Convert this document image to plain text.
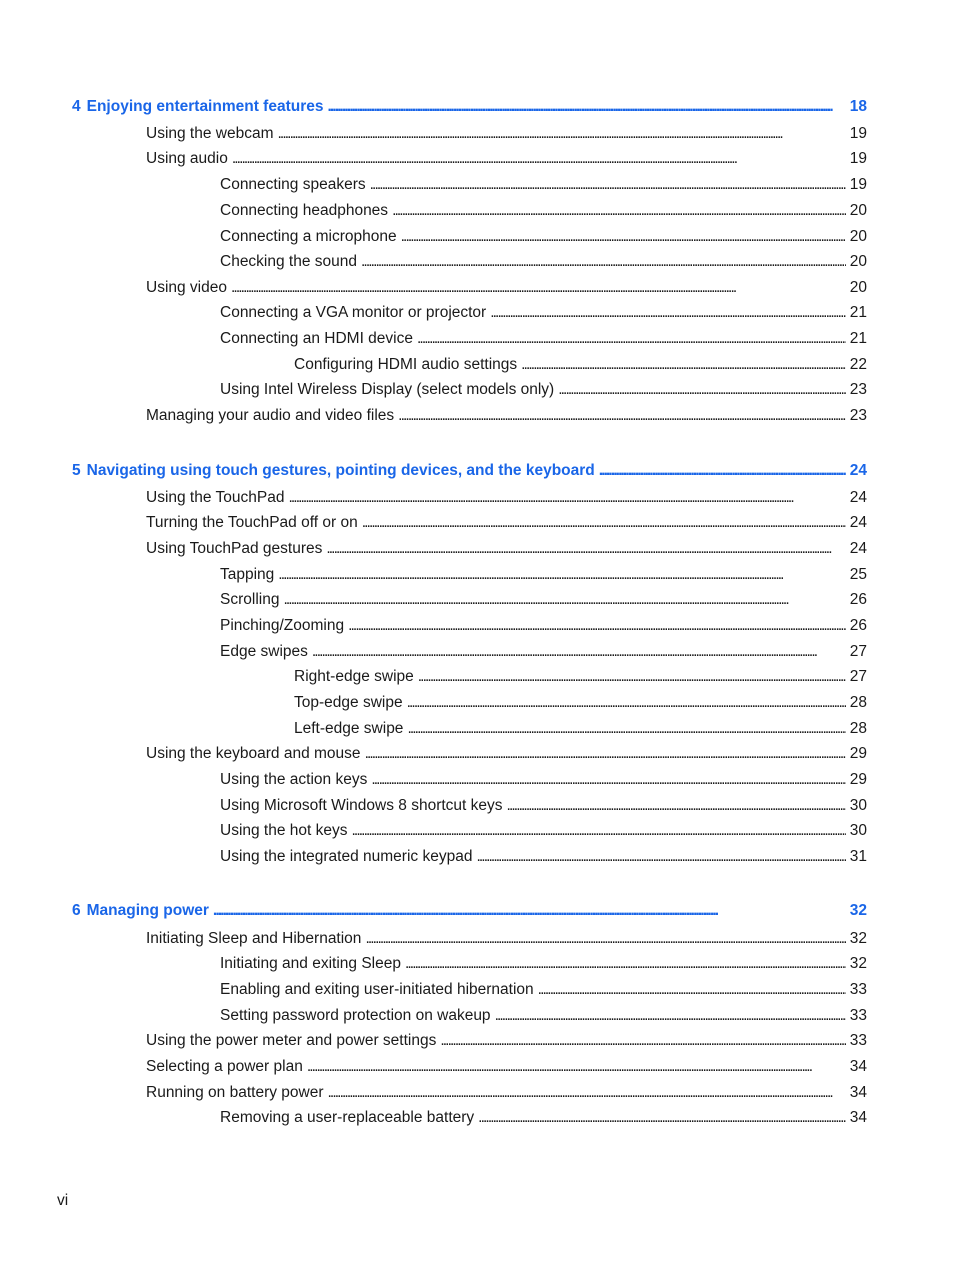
4 Enjoying entertainment features . . .	18
Using the webcam . . .	19
Using audio . . .	19
Connecting speakers . . .	19
Connecting headphones . . .	20
Connecting a microphone . . .	20
Checking the sound . . .	20
Using video . . .	20
Connecting a VGA monitor or projector . . .	21
Connecting an HDMI device . . .	21
Configuring HDMI audio settings . . .	22
Using Intel Wireless Display (select models only) . . .	23
Managing your audio and video files . . .	23
5 Navigating using touch gestures, pointing devices, and the keyboard . . .	24
Using the TouchPad . . .	24
Turning the TouchPad off or on . . .	24
Using TouchPad gestures . . .	24
Tapping . . .	25
Scrolling . . .	26
Pinching/Zooming . . .	26
Edge swipes . . .	27
Right-edge swipe . . .	27
Top-edge swipe . . .	28
Left-edge swipe . . .	28
Using the keyboard and mouse . . .	29
Using the action keys . . .	29
Using Microsoft Windows 8 shortcut keys . . .	30
Using the hot keys . . .	30
Using the integrated numeric keypad . . .	31
6 Managing power . . .	32
Initiating Sleep and Hibernation . . .	32
Initiating and exiting Sleep . . .	32
Enabling and exiting user-initiated hibernation . . .	33
Setting password protection on wakeup . . .	33
Using the power meter and power settings . . .	33
Selecting a power plan . . .	34
Running on battery power . . .	34
Removing a user-replaceable battery . . .	34
vi
